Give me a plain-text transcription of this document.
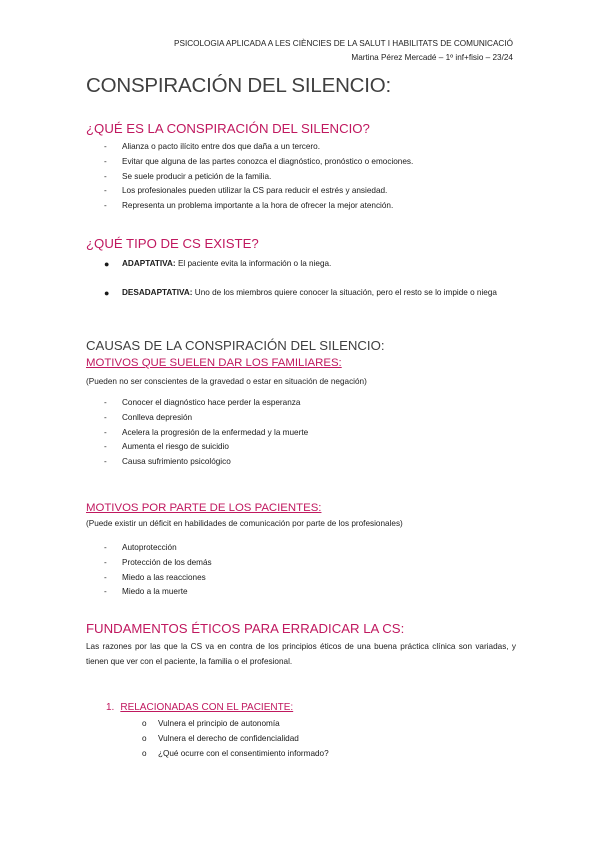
PSICOLOGIA APLICADA A LES CIÈNCIES DE LA SALUT I HABILITATS DE COMUNICACIÓ
Martina Pérez Mercadé – 1º inf+fisio – 23/24
CONSPIRACIÓN DEL SILENCIO:
¿QUÉ ES LA CONSPIRACIÓN DEL SILENCIO?
- Alianza o pacto ilícito entre dos que daña a un tercero.
- Evitar que alguna de las partes conozca el diagnóstico, pronóstico o emociones.
- Se suele producir a petición de la familia.
- Los profesionales pueden utilizar la CS para reducir el estrés y ansiedad.
- Representa un problema importante a la hora de ofrecer la mejor atención.
¿QUÉ TIPO DE CS EXISTE?
●	ADAPTATIVA: El paciente evita la información o la niega.
●	DESADAPTATIVA: Uno de los miembros quiere conocer la situación, pero el resto se lo impide o niega
CAUSAS DE LA CONSPIRACIÓN DEL SILENCIO:
MOTIVOS QUE SUELEN DAR LOS FAMILIARES:
(Pueden no ser conscientes de la gravedad o estar en situación de negación)
- Conocer el diagnóstico hace perder la esperanza
- Conlleva depresión
- Acelera la progresión de la enfermedad y la muerte
- Aumenta el riesgo de suicidio
- Causa sufrimiento psicológico
MOTIVOS POR PARTE DE LOS PACIENTES:
(Puede existir un déficit en habilidades de comunicación por parte de los profesionales)
- Autoprotección
- Protección de los demás
- Miedo a las reacciones
- Miedo a la muerte
FUNDAMENTOS ÉTICOS PARA ERRADICAR LA CS:
Las razones por las que la CS va en contra de los principios éticos de una buena práctica clínica son variadas, y tienen que ver con el paciente, la familia o el profesional.
1. RELACIONADAS CON EL PACIENTE:
o Vulnera el principio de autonomía
o Vulnera el derecho de confidencialidad
o ¿Qué ocurre con el consentimiento informado?
